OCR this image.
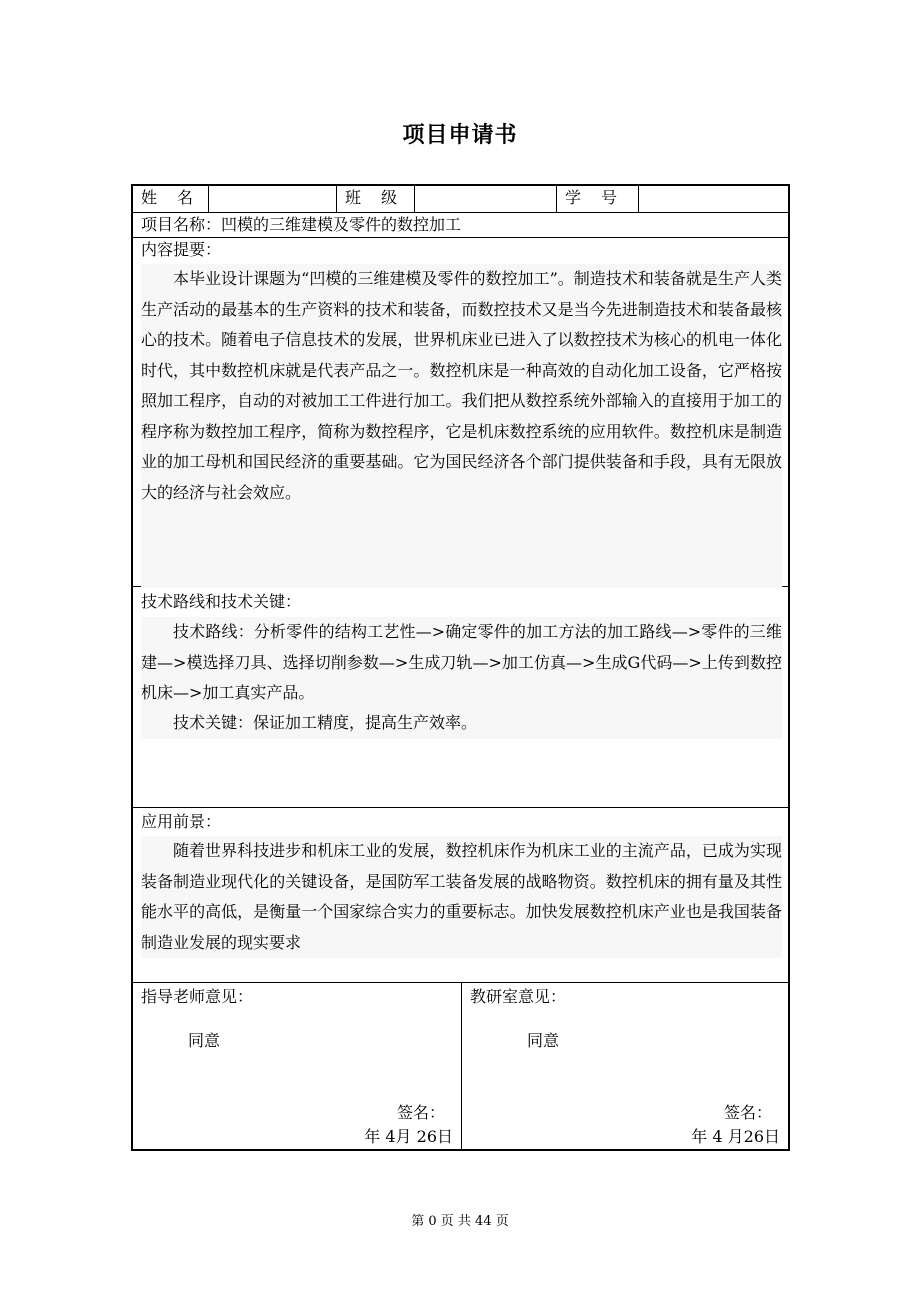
项目申请书
姓　名	班　级	学　号
项目名称：凹模的三维建模及零件的数控加工
内容提要：
本毕业设计课题为“凹模的三维建模及零件的数控加工”。制造技术和装备就是生产人类生产活动的最基本的生产资料的技术和装备，而数控技术又是当今先进制造技术和装备最核心的技术。随着电子信息技术的发展，世界机床业已进入了以数控技术为核心的机电一体化时代，其中数控机床就是代表产品之一。数控机床是一种高效的自动化加工设备，它严格按照加工程序，自动的对被加工工件进行加工。我们把从数控系统外部输入的直接用于加工的程序称为数控加工程序，简称为数控程序，它是机床数控系统的应用软件。数控机床是制造业的加工母机和国民经济的重要基础。它为国民经济各个部门提供装备和手段，具有无限放大的经济与社会效应。
技术路线和技术关键：
技术路线：分析零件的结构工艺性—>确定零件的加工方法的加工路线—>零件的三维建—>模选择刀具、选择切削参数—>生成刀轨—>加工仿真—>生成G代码—>上传到数控机床—>加工真实产品。
技术关键：保证加工精度，提高生产效率。
应用前景：
随着世界科技进步和机床工业的发展，数控机床作为机床工业的主流产品，已成为实现装备制造业现代化的关键设备，是国防军工装备发展的战略物资。数控机床的拥有量及其性能水平的高低，是衡量一个国家综合实力的重要标志。加快发展数控机床产业也是我国装备制造业发展的现实要求
指导老师意见：
同意
签名：
年 4月 26日
教研室意见：
同意
签名：
年 4 月26日
第 0 页 共 44 页
